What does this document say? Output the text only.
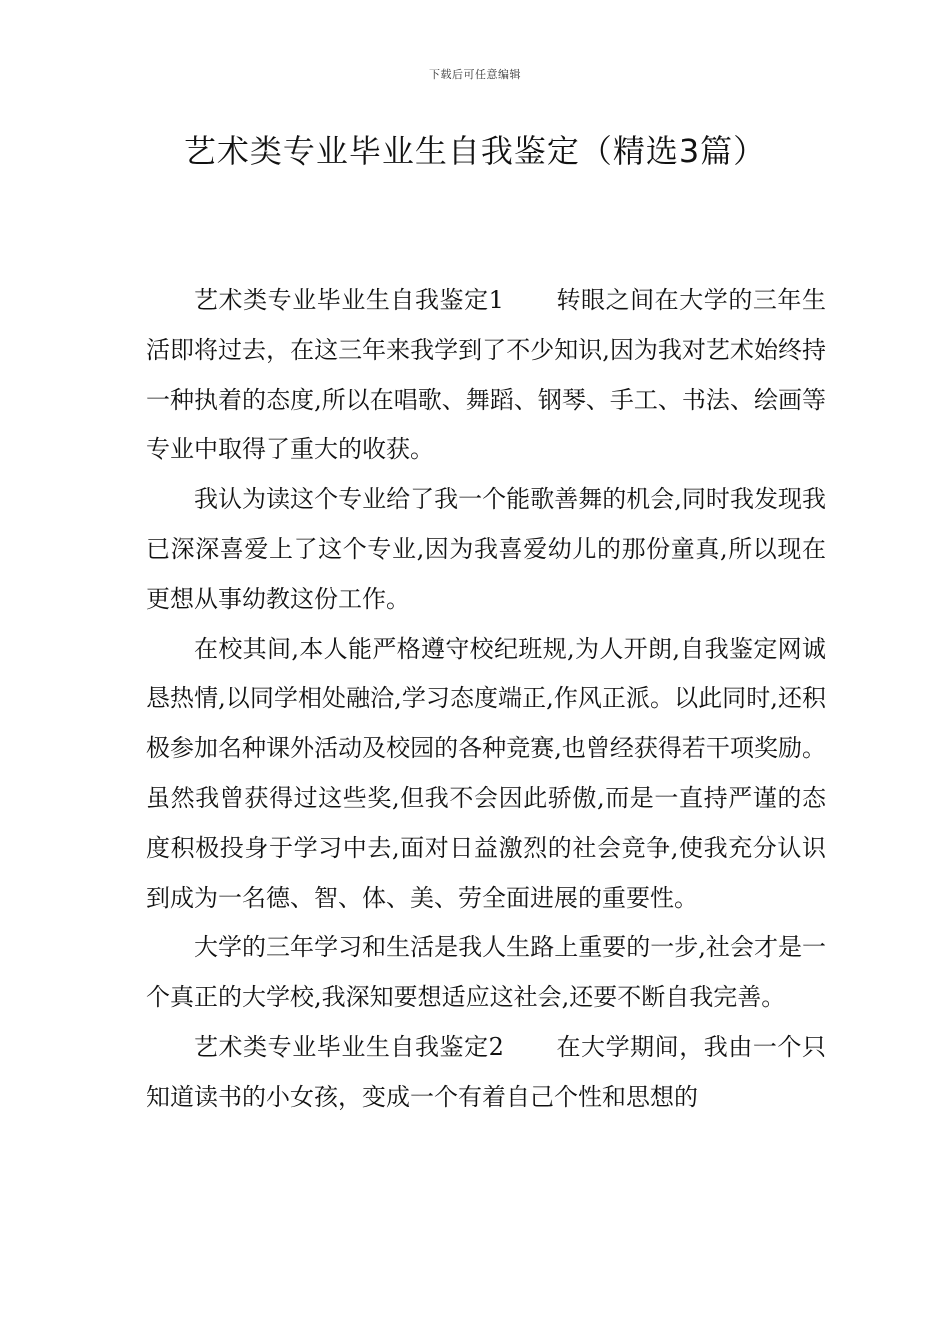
下载后可任意编辑
艺术类专业毕业生自我鉴定（精选3篇）

艺术类专业毕业生自我鉴定1 转眼之间在大学的三年生活即将过去，在这三年来我学到了不少知识,因为我对艺术始终持一种执着的态度,所以在唱歌、舞蹈、钢琴、手工、书法、绘画等专业中取得了重大的收获。

我认为读这个专业给了我一个能歌善舞的机会,同时我发现我已深深喜爱上了这个专业,因为我喜爱幼儿的那份童真,所以现在更想从事幼教这份工作。

在校其间,本人能严格遵守校纪班规,为人开朗,自我鉴定网诚恳热情,以同学相处融洽,学习态度端正,作风正派。以此同时,还积极参加名种课外活动及校园的各种竞赛,也曾经获得若干项奖励。虽然我曾获得过这些奖,但我不会因此骄傲,而是一直持严谨的态度积极投身于学习中去,面对日益激烈的社会竞争,使我充分认识到成为一名德、智、体、美、劳全面进展的重要性。

大学的三年学习和生活是我人生路上重要的一步,社会才是一个真正的大学校,我深知要想适应这社会,还要不断自我完善。

艺术类专业毕业生自我鉴定2 在大学期间，我由一个只知道读书的小女孩，变成一个有着自己个性和思想的
